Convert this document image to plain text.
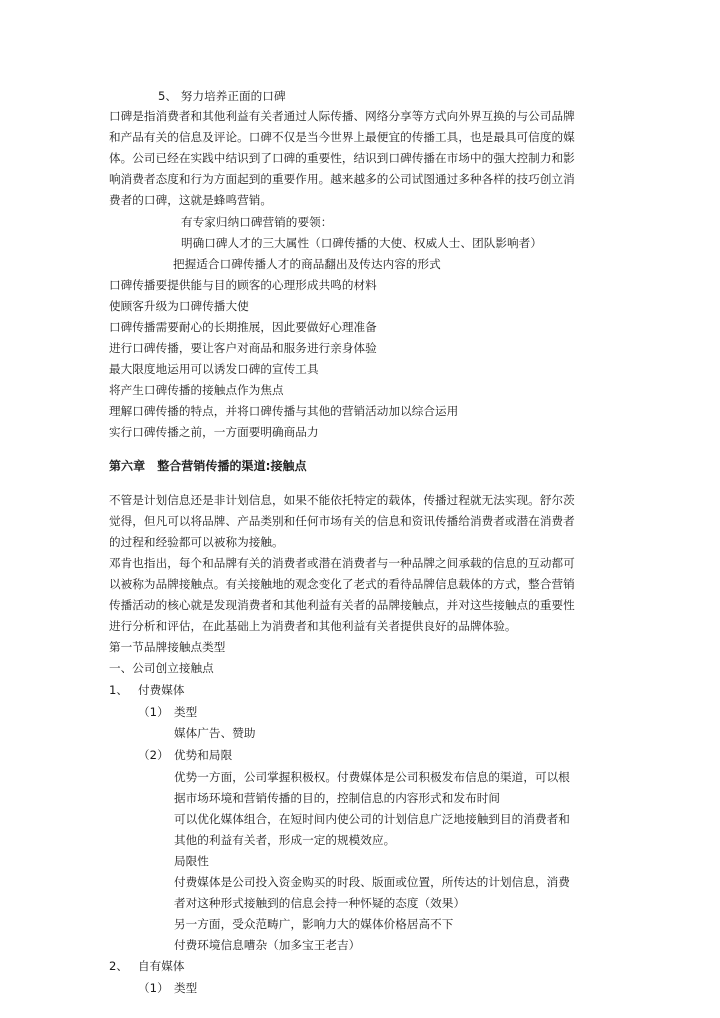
5、 努力培养正面的口碑
口碑是指消费者和其他利益有关者通过人际传播、网络分享等方式向外界互换的与公司品牌
和产品有关的信息及评论。口碑不仅是当今世界上最便宜的传播工具，也是最具可信度的媒
体。公司已经在实践中结识到了口碑的重要性，结识到口碑传播在市场中的强大控制力和影
响消费者态度和行为方面起到的重要作用。越来越多的公司试图通过多种各样的技巧创立消
费者的口碑，这就是蜂鸣营销。
有专家归纳口碑营销的要领：
明确口碑人才的三大属性（口碑传播的大使、权威人士、团队影响者）
把握适合口碑传播人才的商品翻出及传达内容的形式
口碑传播要提供能与目的顾客的心理形成共鸣的材料
使顾客升级为口碑传播大使
口碑传播需要耐心的长期推展，因此要做好心理准备
进行口碑传播，要让客户对商品和服务进行亲身体验
最大限度地运用可以诱发口碑的宣传工具
将产生口碑传播的接触点作为焦点
理解口碑传播的特点，并将口碑传播与其他的营销活动加以综合运用
实行口碑传播之前，一方面要明确商品力
第六章　整合营销传播的渠道:接触点
不管是计划信息还是非计划信息，如果不能依托特定的载体，传播过程就无法实现。舒尔茨
觉得，但凡可以将品牌、产品类别和任何市场有关的信息和资讯传播给消费者或潜在消费者
的过程和经验都可以被称为接触。
邓肯也指出，每个和品牌有关的消费者或潜在消费者与一种品牌之间承载的信息的互动都可
以被称为品牌接触点。有关接触地的观念变化了老式的看待品牌信息载体的方式，整合营销
传播活动的核心就是发现消费者和其他利益有关者的品牌接触点，并对这些接触点的重要性
进行分析和评估，在此基础上为消费者和其他利益有关者提供良好的品牌体验。
第一节品牌接触点类型
一、公司创立接触点
1、 付费媒体
（1） 类型
媒体广告、赞助
（2） 优势和局限
优势一方面，公司掌握积极权。付费媒体是公司积极发布信息的渠道，可以根
据市场环境和营销传播的目的，控制信息的内容形式和发布时间
可以优化媒体组合，在短时间内使公司的计划信息广泛地接触到目的消费者和
其他的利益有关者，形成一定的规模效应。
局限性
付费媒体是公司投入资金购买的时段、版面或位置，所传达的计划信息，消费
者对这种形式接触到的信息会持一种怀疑的态度（效果）
另一方面，受众范畴广，影响力大的媒体价格居高不下
付费环境信息嘈杂（加多宝王老吉）
2、 自有媒体
（1） 类型
